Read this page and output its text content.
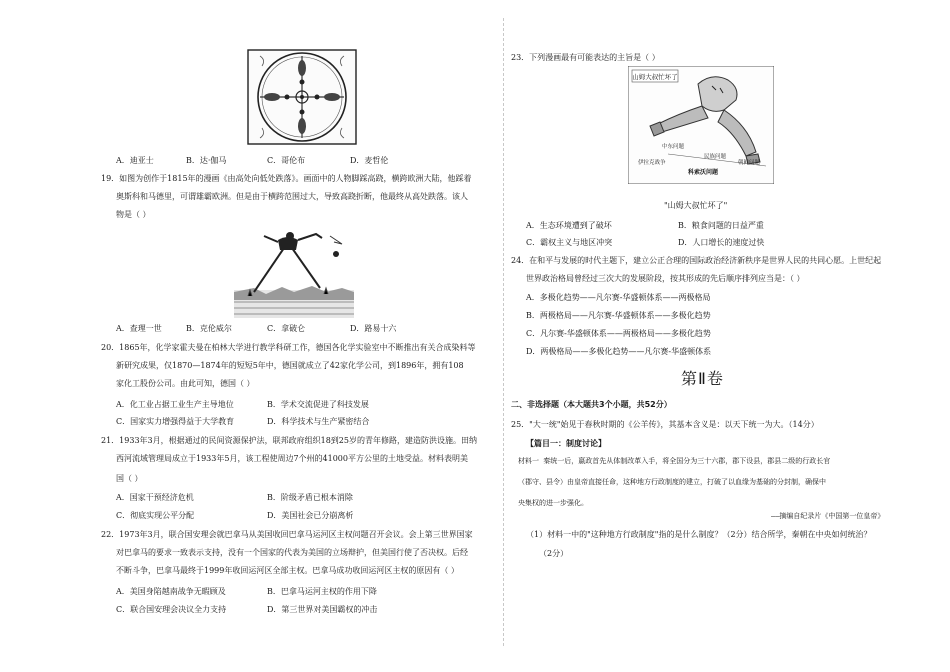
A．迪亚士	B．达·伽马	C．哥伦布	D．麦哲伦
19．如图为创作于1815年的漫画《由高处向低处跌落》。画面中的人物脚踩高跷，横跨欧洲大陆，他踩着
奥斯科和马德里，可谓雄霸欧洲。但是由于横跨范围过大，导致高跷折断，他最终从高处跌落。该人
物是（ ）
A．查理一世	B．克伦威尔	C．拿破仑	D．路易十六
20．1865年，化学家霍夫曼在柏林大学进行教学科研工作，德国各化学实验室中不断推出有关合成染料等
新研究成果，仅1870—1874年的短短5年中，德国就成立了42家化学公司，到1896年，拥有108
家化工股份公司。由此可知，德国（ ）
A．化工业占据工业生产主导地位	B．学术交流促进了科技发展
C．国家实力增强得益于大学教育	D．科学技术与生产紧密结合
21．1933年3月，根据通过的民间资源保护法，联邦政府组织18到25岁的青年修路，建造防洪设施。田纳
西河流域管理局成立于1933年5月，该工程使周边7个州的41000平方公里的土地受益。材料表明美
国（ ）
A．国家干预经济危机	B．阶级矛盾已根本消除
C．彻底实现公平分配	D．美国社会已分崩离析
22．1973年3月，联合国安理会就巴拿马从美国收回巴拿马运河区主权问题召开会议。会上第三世界国家
对巴拿马的要求一致表示支持，没有一个国家的代表为美国的立场辩护，但美国行使了否决权。后经
不断斗争，巴拿马最终于1999年收回运河区全部主权。巴拿马成功收回运河区主权的原因有（ ）
A．美国身陷越南战争无暇顾及	B．巴拿马运河主权的作用下降
C．联合国安理会决议全力支持	D．第三世界对美国霸权的冲击
23．下列漫画最有可能表达的主旨是（ ）
山姆大叔忙坏了
中东问题
伊拉克战争
民族问题
朝鲜问题
科索沃问题
"山姆大叔忙坏了"
A．生态环境遭到了破坏	B．粮食问题的日益严重
C．霸权主义与地区冲突	D．人口增长的速度过快
24．在和平与发展的时代主题下，建立公正合理的国际政治经济新秩序是世界人民的共同心愿。上世纪起
世界政治格局曾经过三次大的发展阶段，按其形成的先后顺序排列应当是：（ ）
A．多极化趋势——凡尔赛-华盛顿体系——两极格局
B．两极格局——凡尔赛-华盛顿体系——多极化趋势
C．凡尔赛-华盛顿体系——两极格局——多极化趋势
D．两极格局——多极化趋势——凡尔赛-华盛顿体系
第Ⅱ卷
二、非选择题（本大题共3个小题，共52分）
25．"大一统"始见于春秋时期的《公羊传》，其基本含义是：以天下统一为大。（14分）
【篇目一：制度讨论】
材料一 秦统一后，嬴政首先从体制改革入手，将全国分为三十六郡，郡下设县，郡县二级的行政长官
（郡守、县令）由皇帝直接任命，这种地方行政制度的建立，打破了以血缘为基础的分封制，确保中
央集权的进一步强化。
——摘编自纪录片《中国第一位皇帝》
（1）材料一中的"这种地方行政制度"指的是什么制度？（2分）结合所学，秦朝在中央如何统治？
（2分）
